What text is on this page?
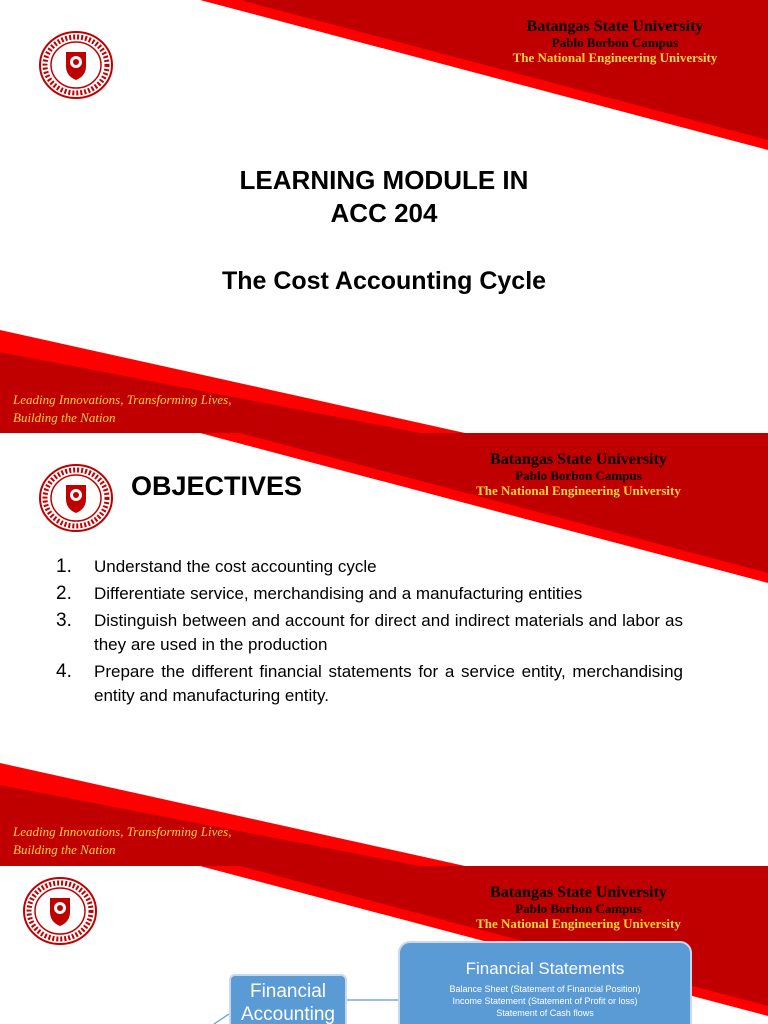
Batangas State University
Pablo Borbon Campus
The National Engineering University
LEARNING MODULE IN
ACC 204
The Cost Accounting Cycle
Leading Innovations, Transforming Lives,
Building the Nation
Batangas State University
Pablo Borbon Campus
The National Engineering University
OBJECTIVES
1.	Understand the cost accounting cycle
2.	Differentiate service, merchandising and a manufacturing entities
3.	Distinguish between and account for direct and indirect materials and labor as they are used in the production
4.	Prepare the different financial statements for a service entity, merchandising entity and manufacturing entity.
Leading Innovations, Transforming Lives,
Building the Nation
Batangas State University
Pablo Borbon Campus
The National Engineering University
Financial Statements
Balance Sheet (Statement of Financial Position)
Income Statement (Statement of Profit or loss)
Statement of Cash flows
Financial Accounting
